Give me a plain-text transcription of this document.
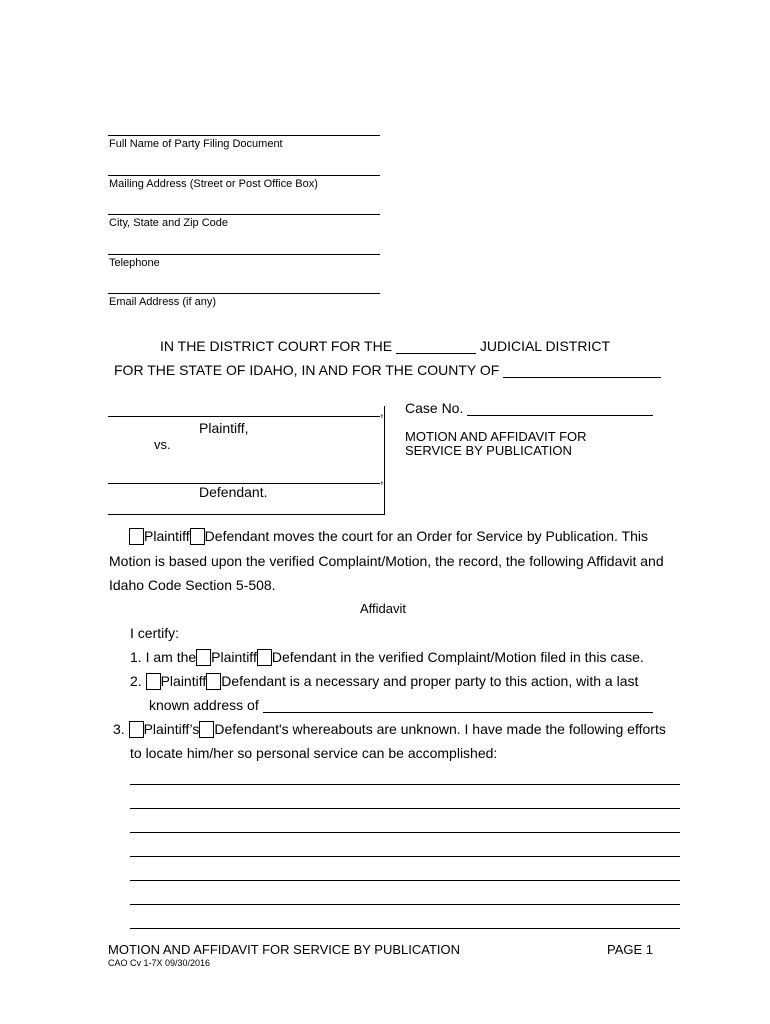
Full Name of Party Filing Document
Mailing Address (Street or Post Office Box)
City, State and Zip Code
Telephone
Email Address (if any)
IN THE DISTRICT COURT FOR THE	JUDICIAL DISTRICT
FOR THE STATE OF IDAHO, IN AND FOR THE COUNTY OF
,
Plaintiff,
vs.
,
Defendant.
Case No.
MOTION AND AFFIDAVIT FOR
SERVICE BY PUBLICATION
Plaintiff Defendant moves the court for an Order for Service by Publication. This
Motion is based upon the verified Complaint/Motion, the record, the following Affidavit and
Idaho Code Section 5-508.
Affidavit
I certify:
1. I am the Plaintiff Defendant in the verified Complaint/Motion filed in this case.
2. Plaintiff Defendant is a necessary and proper party to this action, with a last
known address of
3. Plaintiff’s Defendant's whereabouts are unknown. I have made the following efforts
to locate him/her so personal service can be accomplished:
MOTION AND AFFIDAVIT FOR SERVICE BY PUBLICATION	PAGE 1
CAO Cv 1-7X 09/30/2016
